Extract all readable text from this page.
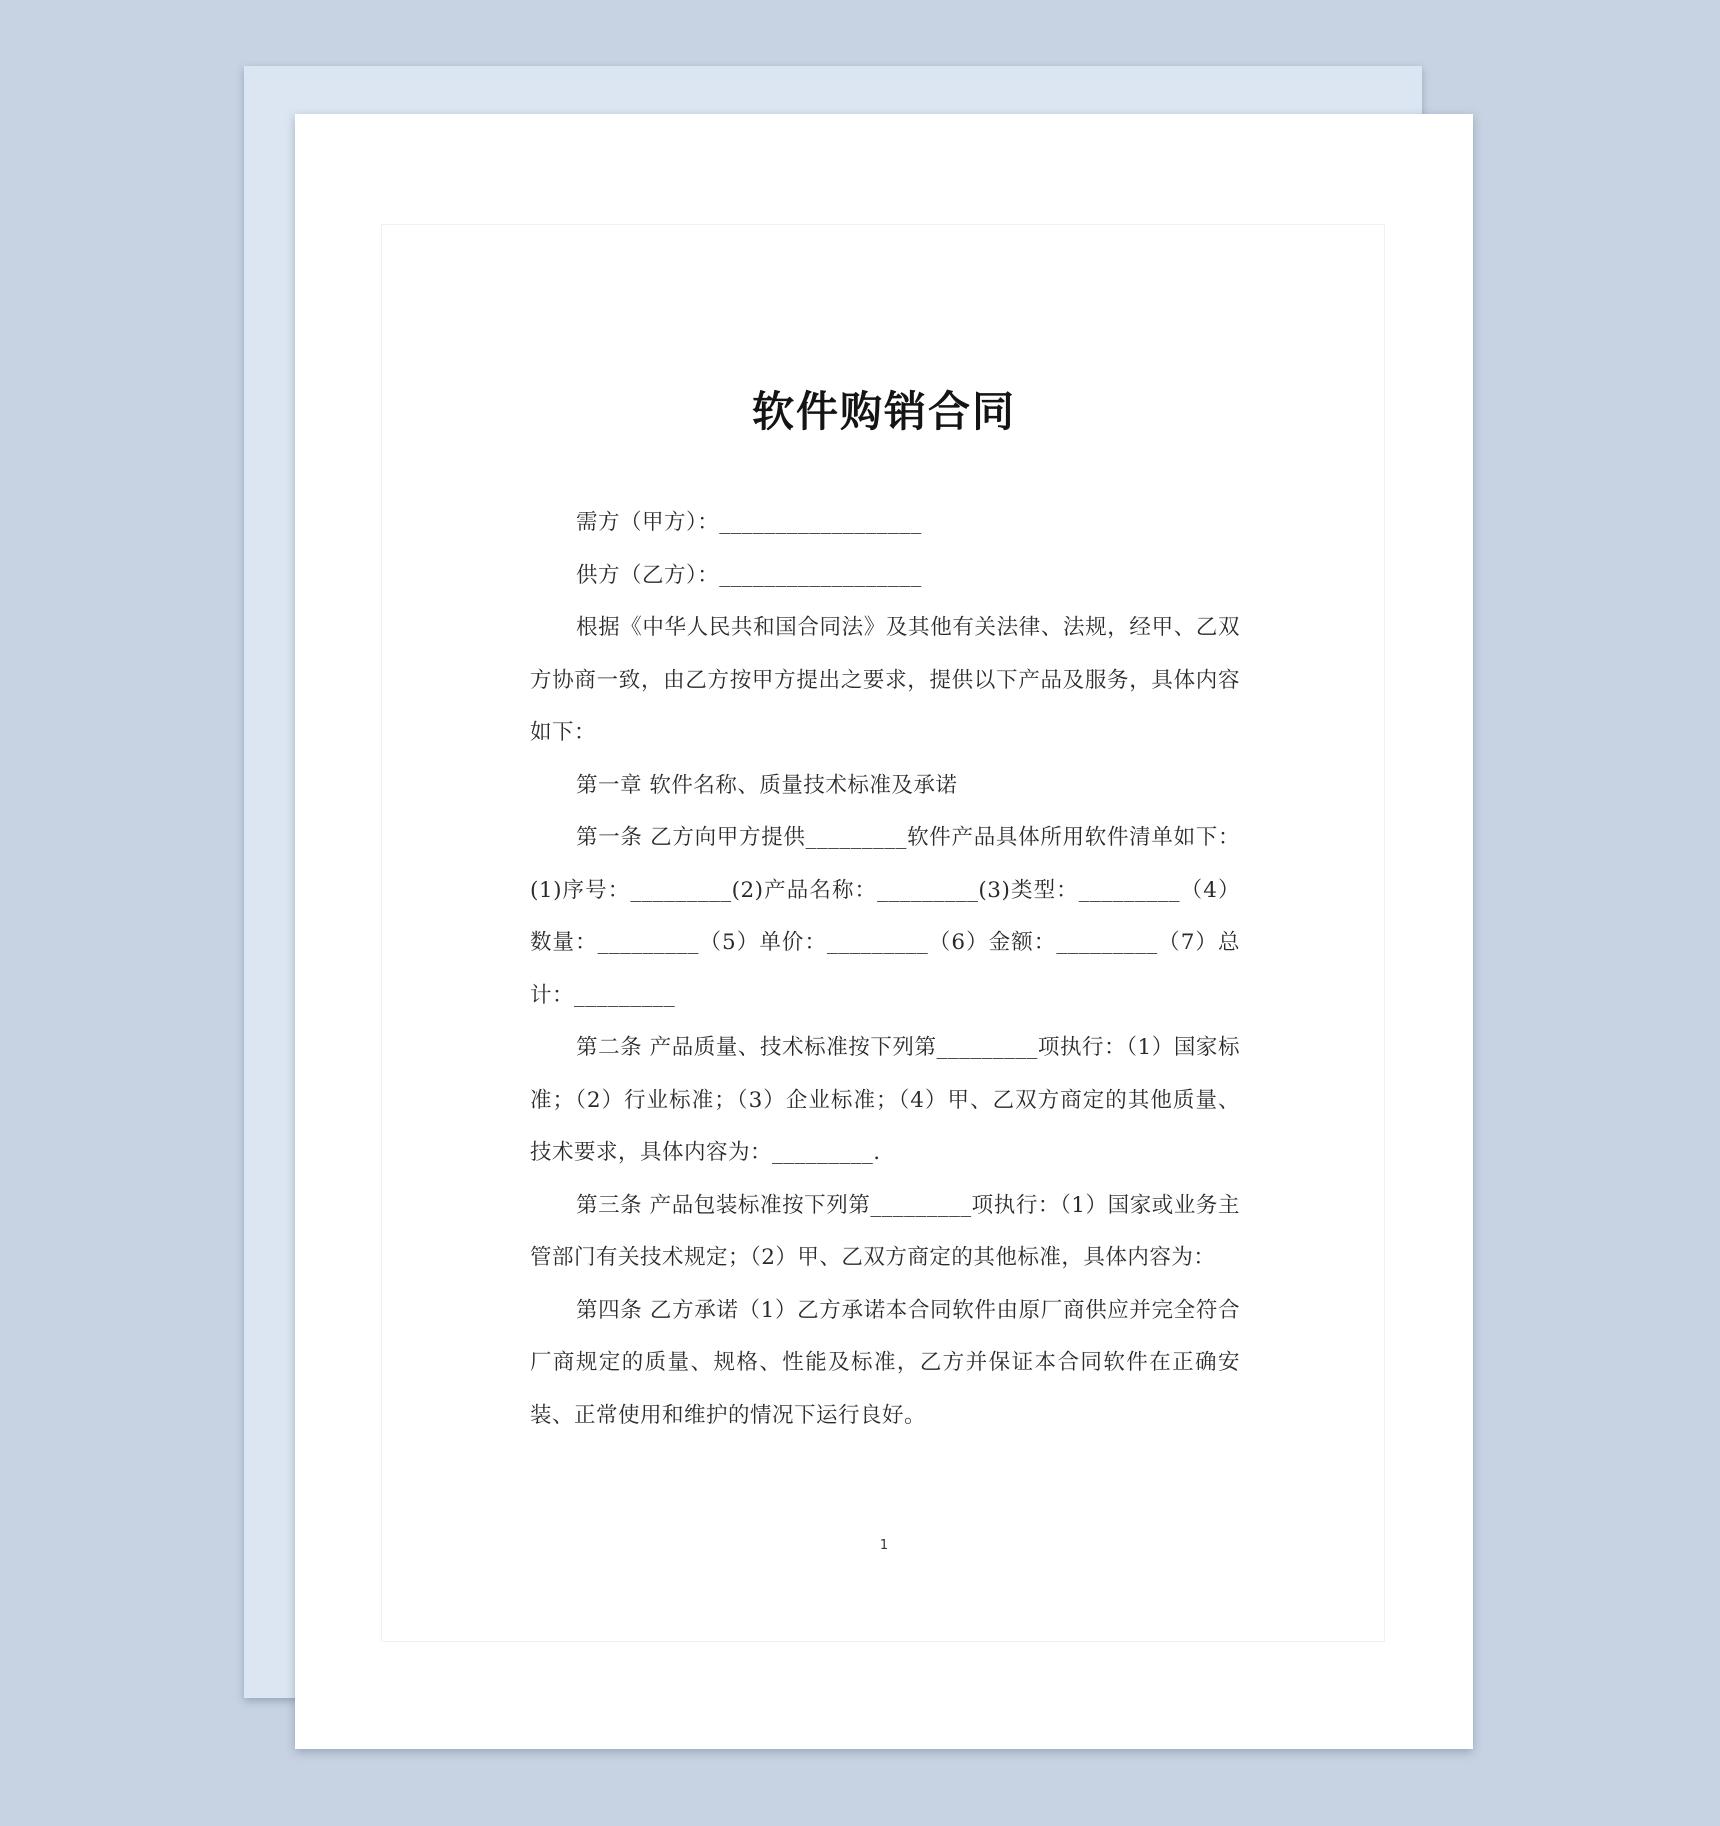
软件购销合同

需方（甲方）：__________________

供方（乙方）：__________________

根据《中华人民共和国合同法》及其他有关法律、法规，经甲、乙双方协商一致，由乙方按甲方提出之要求，提供以下产品及服务，具体内容如下：

第一章 软件名称、质量技术标准及承诺

第一条 乙方向甲方提供_________软件产品具体所用软件清单如下：(1)序号：_________(2)产品名称：_________(3)类型：_________（4）数量：_________（5）单价：_________（6）金额：_________（7）总计：_________

第二条 产品质量、技术标准按下列第_________项执行：（1）国家标准；（2）行业标准；（3）企业标准；（4）甲、乙双方商定的其他质量、技术要求，具体内容为：_________.

第三条 产品包装标准按下列第_________项执行：（1）国家或业务主管部门有关技术规定；（2）甲、乙双方商定的其他标准，具体内容为：

第四条 乙方承诺（1）乙方承诺本合同软件由原厂商供应并完全符合厂商规定的质量、规格、性能及标准，乙方并保证本合同软件在正确安装、正常使用和维护的情况下运行良好。

1
